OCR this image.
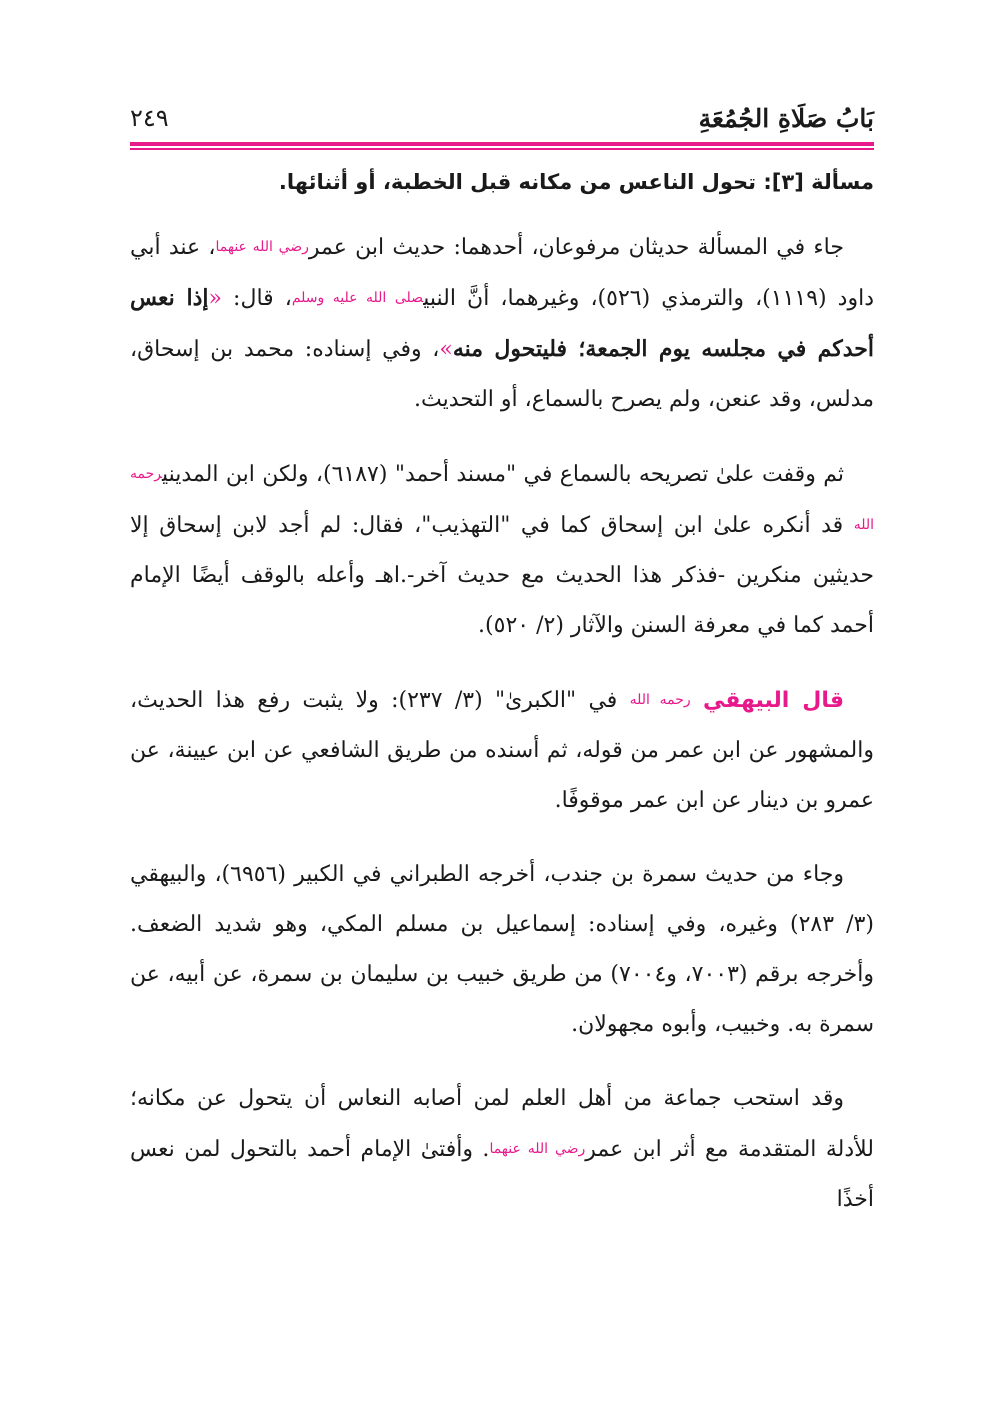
بَابُ صَلَاةِ الجُمُعَةِ
٢٤٩
مسألة [٣]: تحول الناعس من مكانه قبل الخطبة، أو أثنائها.

جاء في المسألة حديثان مرفوعان، أحدهما: حديث ابن عمررضي الله عنهما، عند أبي داود (١١١٩)، والترمذي (٥٢٦)، وغيرهما، أنَّ النبيصلى الله عليه وسلم، قال: «إذا نعس أحدكم في مجلسه يوم الجمعة؛ فليتحول منه»، وفي إسناده: محمد بن إسحاق، مدلس، وقد عنعن، ولم يصرح بالسماع، أو التحديث.

ثم وقفت علىٰ تصريحه بالسماع في "مسند أحمد" (٦١٨٧)، ولكن ابن المدينيرحمه الله قد أنكره علىٰ ابن إسحاق كما في "التهذيب"، فقال: لم أجد لابن إسحاق إلا حديثين منكرين -فذكر هذا الحديث مع حديث آخر-.اهـ وأعله بالوقف أيضًا الإمام أحمد كما في معرفة السنن والآثار (٢/ ٥٢٠).

قال البيهقي رحمه الله في "الكبرىٰ" (٣/ ٢٣٧): ولا يثبت رفع هذا الحديث، والمشهور عن ابن عمر من قوله، ثم أسنده من طريق الشافعي عن ابن عيينة، عن عمرو بن دينار عن ابن عمر موقوفًا.

وجاء من حديث سمرة بن جندب، أخرجه الطبراني في الكبير (٦٩٥٦)، والبيهقي (٣/ ٢٨٣) وغيره، وفي إسناده: إسماعيل بن مسلم المكي، وهو شديد الضعف. وأخرجه برقم (٧٠٠٣، و٧٠٠٤) من طريق خبيب بن سليمان بن سمرة، عن أبيه، عن سمرة به. وخبيب، وأبوه مجهولان.

وقد استحب جماعة من أهل العلم لمن أصابه النعاس أن يتحول عن مكانه؛ للأدلة المتقدمة مع أثر ابن عمررضي الله عنهما. وأفتىٰ الإمام أحمد بالتحول لمن نعس أخذًا
